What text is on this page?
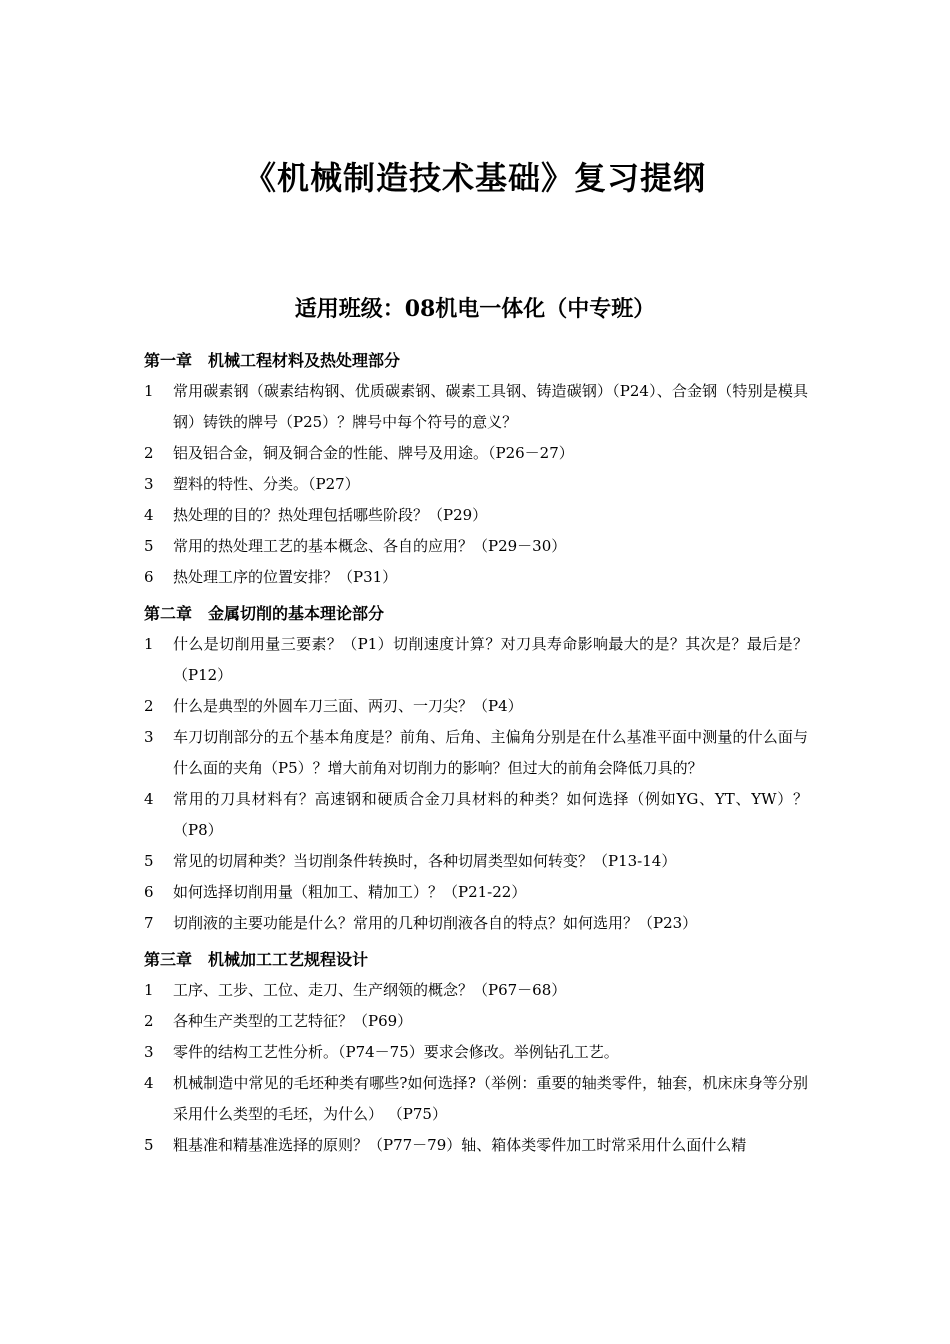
《机械制造技术基础》复习提纲
适用班级：08机电一体化（中专班）
第一章　机械工程材料及热处理部分
1	常用碳素钢（碳素结构钢、优质碳素钢、碳素工具钢、铸造碳钢）（P24）、合金钢（特别是模具钢）铸铁的牌号（P25）？牌号中每个符号的意义？
2	铝及铝合金，铜及铜合金的性能、牌号及用途。（P26－27）
3	塑料的特性、分类。（P27）
4	热处理的目的？热处理包括哪些阶段？（P29）
5	常用的热处理工艺的基本概念、各自的应用？（P29－30）
6	热处理工序的位置安排？（P31）
第二章　金属切削的基本理论部分
1	什么是切削用量三要素？（P1）切削速度计算？对刀具寿命影响最大的是？其次是？最后是？（P12）
2	什么是典型的外圆车刀三面、两刃、一刀尖？（P4）
3	车刀切削部分的五个基本角度是？前角、后角、主偏角分别是在什么基准平面中测量的什么面与什么面的夹角（P5）？增大前角对切削力的影响？但过大的前角会降低刀具的？
4	常用的刀具材料有？高速钢和硬质合金刀具材料的种类？如何选择（例如YG、YT、YW）？（P8）
5	常见的切屑种类？当切削条件转换时，各种切屑类型如何转变？（P13-14）
6	如何选择切削用量（粗加工、精加工）？（P21-22）
7	切削液的主要功能是什么？常用的几种切削液各自的特点？如何选用？（P23）
第三章　机械加工工艺规程设计
1	工序、工步、工位、走刀、生产纲领的概念？（P67－68）
2	各种生产类型的工艺特征？（P69）
3	零件的结构工艺性分析。（P74－75）要求会修改。举例钻孔工艺。
4	机械制造中常见的毛坯种类有哪些?如何选择?（举例：重要的轴类零件，轴套，机床床身等分别采用什么类型的毛坯，为什么） （P75）
5	粗基准和精基准选择的原则？（P77－79）轴、箱体类零件加工时常采用什么面什么精
